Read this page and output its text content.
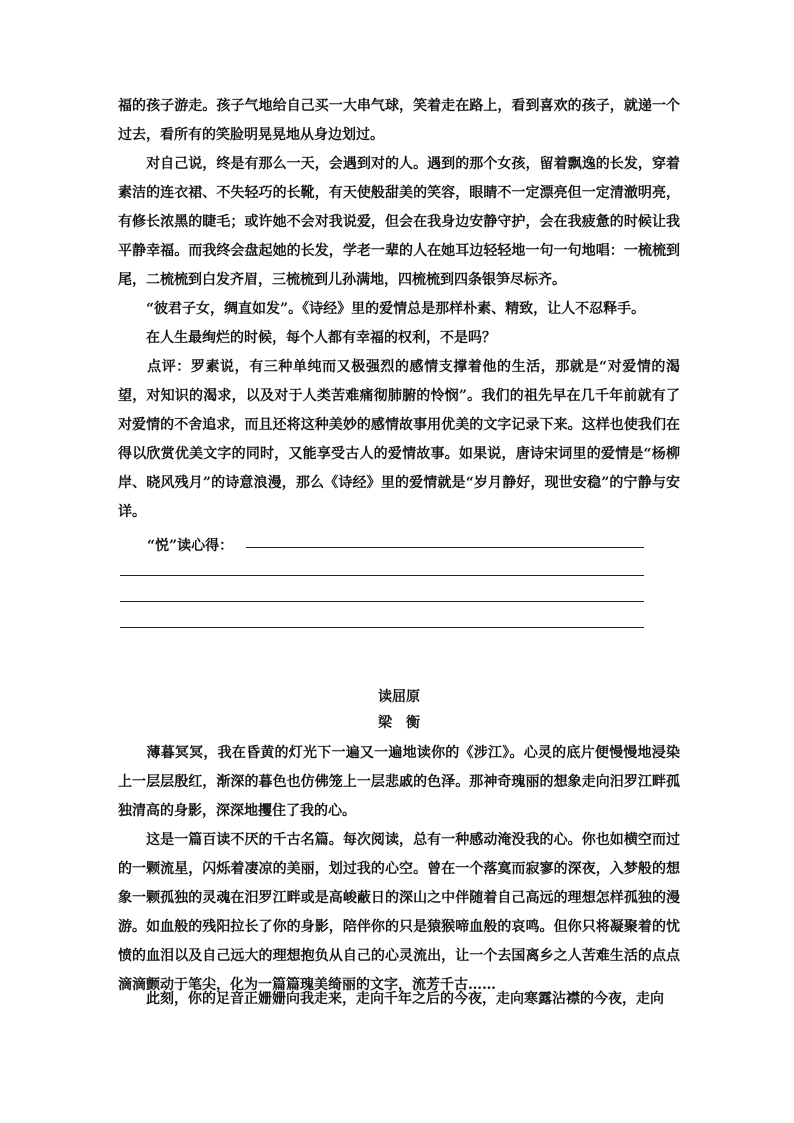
福的孩子游走。孩子气地给自己买一大串气球，笑着走在路上，看到喜欢的孩子，就递一个过去，看所有的笑脸明晃晃地从身边划过。

　　对自己说，终是有那么一天，会遇到对的人。遇到的那个女孩，留着飘逸的长发，穿着素洁的连衣裙、不失轻巧的长靴，有天使般甜美的笑容，眼睛不一定漂亮但一定清澈明亮，有修长浓黑的睫毛；或许她不会对我说爱，但会在我身边安静守护，会在我疲惫的时候让我平静幸福。而我终会盘起她的长发，学老一辈的人在她耳边轻轻地一句一句地唱：一梳梳到尾，二梳梳到白发齐眉，三梳梳到儿孙满地，四梳梳到四条银笋尽标齐。

　　“彼君子女，绸直如发”。《诗经》里的爱情总是那样朴素、精致，让人不忍释手。

　　在人生最绚烂的时候，每个人都有幸福的权利，不是吗？

　　点评：罗素说，有三种单纯而又极强烈的感情支撑着他的生活，那就是“对爱情的渴望，对知识的渴求，以及对于人类苦难痛彻肺腑的怜悯”。我们的祖先早在几千年前就有了对爱情的不舍追求，而且还将这种美妙的感情故事用优美的文字记录下来。这样也使我们在得以欣赏优美文字的同时，又能享受古人的爱情故事。如果说，唐诗宋词里的爱情是“杨柳岸、晓风残月”的诗意浪漫，那么《诗经》里的爱情就是“岁月静好，现世安稳”的宁静与安详。

“悦”读心得：

读屈原

梁　衡

　　薄暮冥冥，我在昏黄的灯光下一遍又一遍地读你的《涉江》。心灵的底片便慢慢地浸染上一层层殷红，渐深的暮色也仿佛笼上一层悲戚的色泽。那神奇瑰丽的想象走向汨罗江畔孤独清高的身影，深深地攫住了我的心。

　　这是一篇百读不厌的千古名篇。每次阅读，总有一种感动淹没我的心。你也如横空而过的一颗流星，闪烁着凄凉的美丽，划过我的心空。曾在一个落寞而寂寥的深夜，入梦般的想象一颗孤独的灵魂在汨罗江畔或是高峻蔽日的深山之中伴随着自己高远的理想怎样孤独的漫游。如血般的残阳拉长了你的身影，陪伴你的只是猿猴啼血般的哀鸣。但你只将凝聚着的忧愤的血泪以及自己远大的理想抱负从自己的心灵流出，让一个去国离乡之人苦难生活的点点滴滴颤动于笔尖，化为一篇篇瑰美绮丽的文字，流芳千古……

　　此刻，你的足音正姗姗向我走来，走向千年之后的今夜，走向寒露沾襟的今夜，走向
